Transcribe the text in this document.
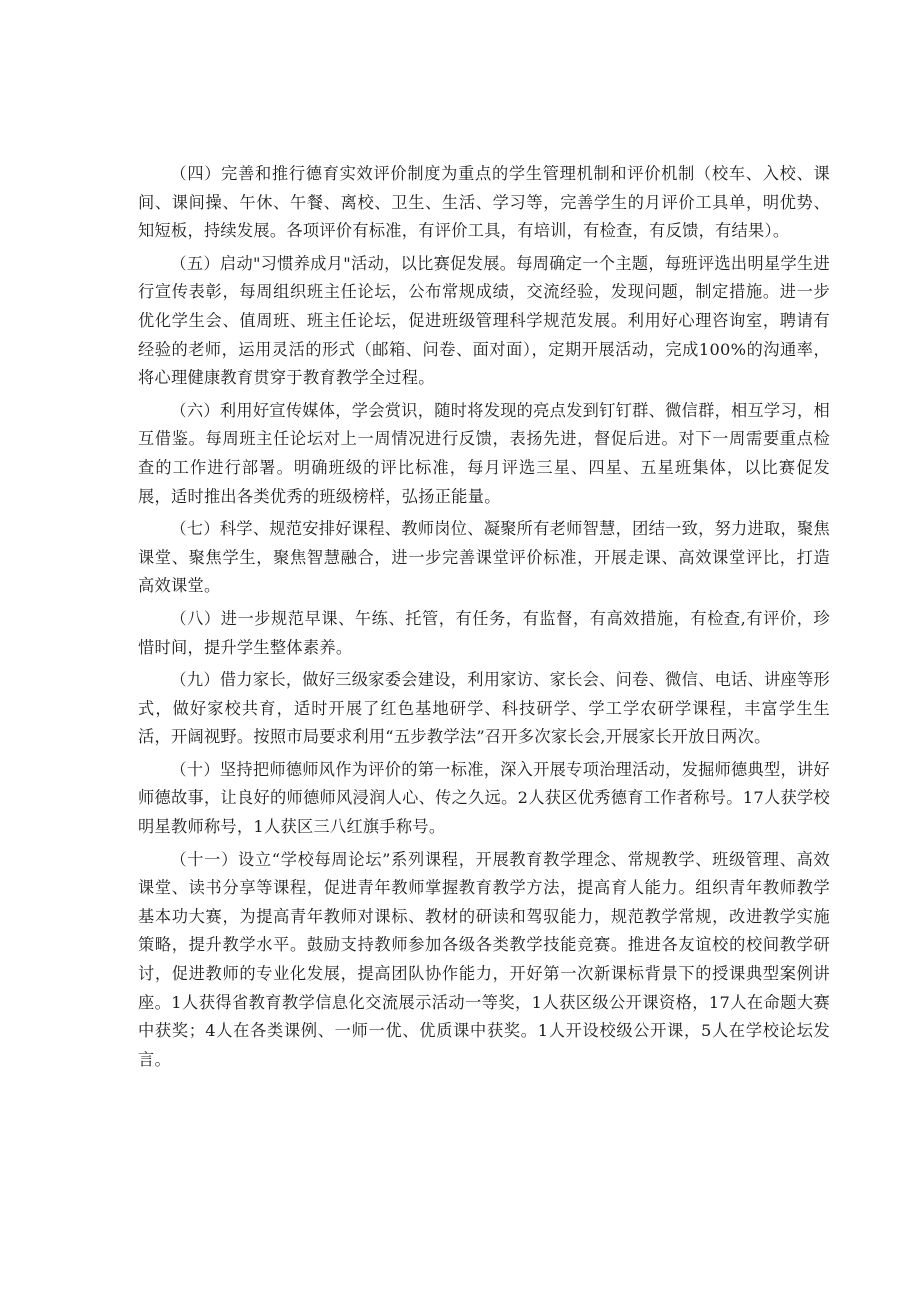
（四）完善和推行德育实效评价制度为重点的学生管理机制和评价机制（校车、入校、课间、课间操、午休、午餐、离校、卫生、生活、学习等，完善学生的月评价工具单，明优势、知短板，持续发展。各项评价有标准，有评价工具，有培训，有检查，有反馈，有结果）。

（五）启动"习惯养成月"活动，以比赛促发展。每周确定一个主题，每班评选出明星学生进行宣传表彰，每周组织班主任论坛，公布常规成绩，交流经验，发现问题，制定措施。进一步优化学生会、值周班、班主任论坛，促进班级管理科学规范发展。利用好心理咨询室，聘请有经验的老师，运用灵活的形式（邮箱、问卷、面对面），定期开展活动，完成100%的沟通率，将心理健康教育贯穿于教育教学全过程。

（六）利用好宣传媒体，学会赏识，随时将发现的亮点发到钉钉群、微信群，相互学习，相互借鉴。每周班主任论坛对上一周情况进行反馈，表扬先进，督促后进。对下一周需要重点检查的工作进行部署。明确班级的评比标准，每月评选三星、四星、五星班集体，以比赛促发展，适时推出各类优秀的班级榜样，弘扬正能量。

（七）科学、规范安排好课程、教师岗位、凝聚所有老师智慧，团结一致，努力进取，聚焦课堂、聚焦学生，聚焦智慧融合，进一步完善课堂评价标准，开展走课、高效课堂评比，打造高效课堂。

（八）进一步规范早课、午练、托管，有任务，有监督，有高效措施，有检查,有评价，珍惜时间，提升学生整体素养。

（九）借力家长，做好三级家委会建设，利用家访、家长会、问卷、微信、电话、讲座等形式，做好家校共育，适时开展了红色基地研学、科技研学、学工学农研学课程，丰富学生生活，开阔视野。按照市局要求利用“五步教学法”召开多次家长会,开展家长开放日两次。

（十）坚持把师德师风作为评价的第一标准，深入开展专项治理活动，发掘师德典型，讲好师德故事，让良好的师德师风浸润人心、传之久远。2人获区优秀德育工作者称号。17人获学校明星教师称号，1人获区三八红旗手称号。

（十一）设立“学校每周论坛”系列课程，开展教育教学理念、常规教学、班级管理、高效课堂、读书分享等课程，促进青年教师掌握教育教学方法，提高育人能力。组织青年教师教学基本功大赛，为提高青年教师对课标、教材的研读和驾驭能力，规范教学常规，改进教学实施策略，提升教学水平。鼓励支持教师参加各级各类教学技能竞赛。推进各友谊校的校间教学研讨，促进教师的专业化发展，提高团队协作能力，开好第一次新课标背景下的授课典型案例讲座。1人获得省教育教学信息化交流展示活动一等奖，1人获区级公开课资格，17人在命题大赛中获奖；4人在各类课例、一师一优、优质课中获奖。1人开设校级公开课，5人在学校论坛发言。
